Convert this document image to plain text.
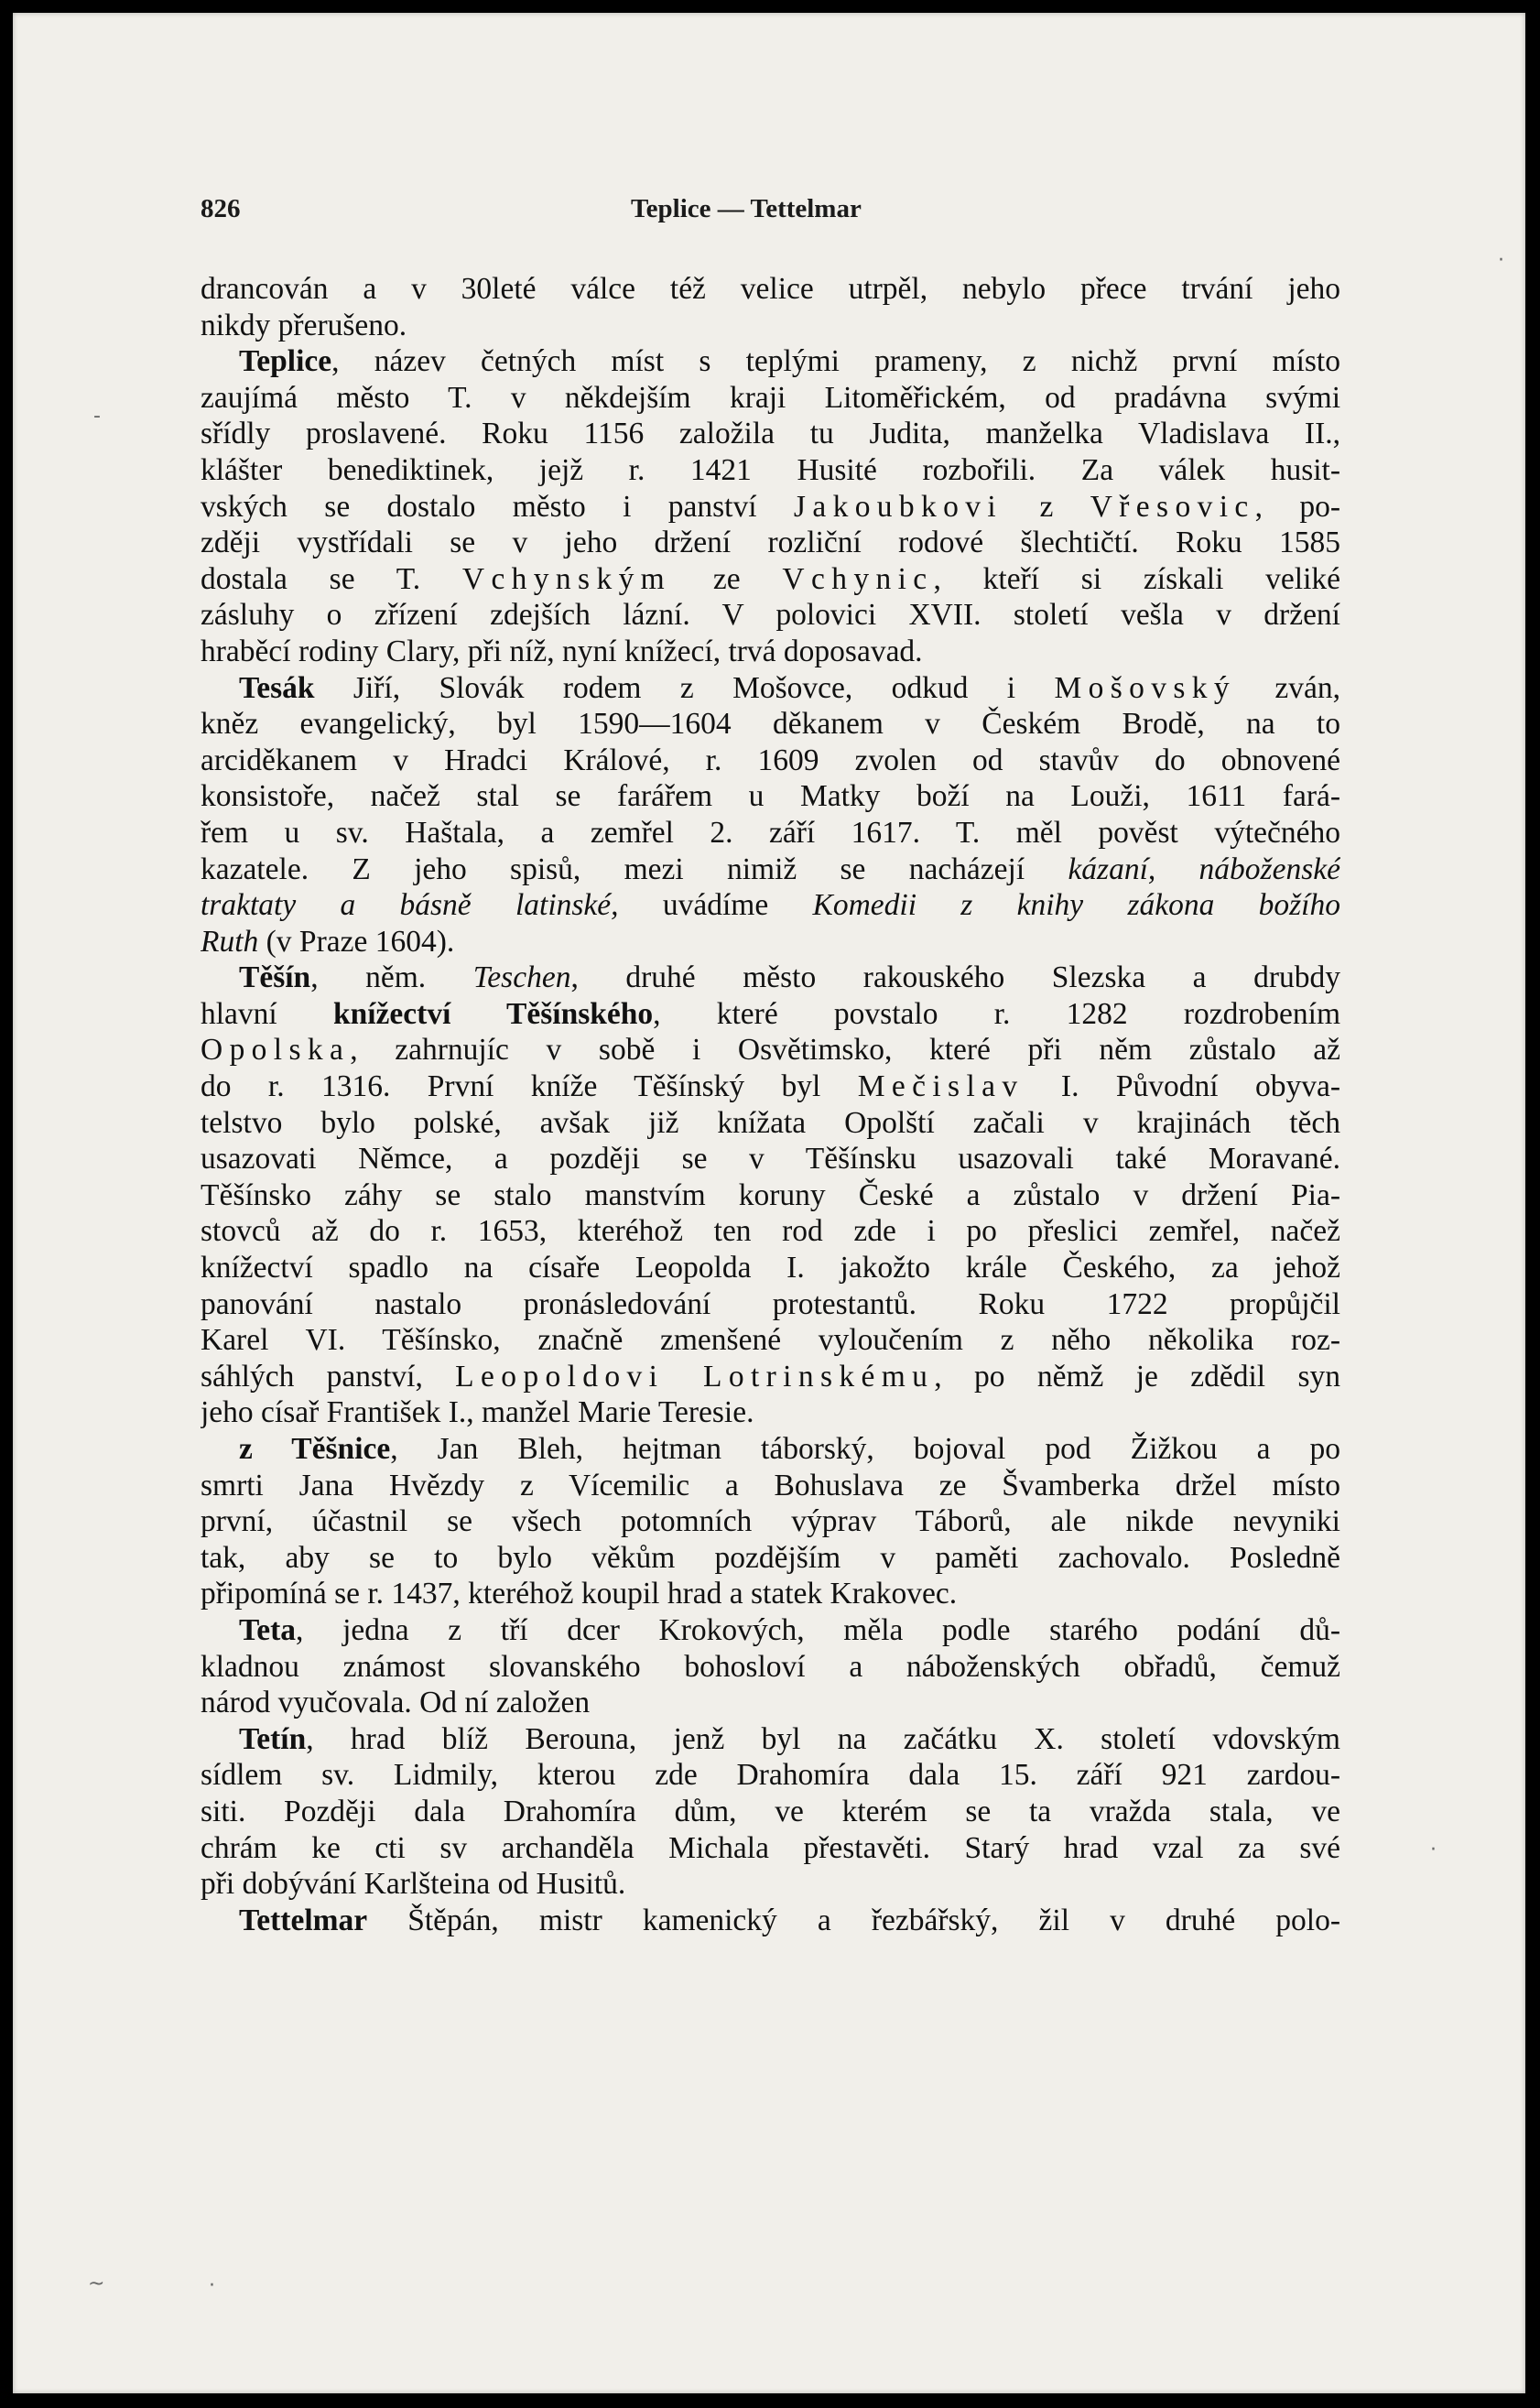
826	Teplice — Tettelmar
drancován a v 30leté válce též velice utrpěl, nebylo přece trvání jeho
nikdy přerušeno.
Teplice, název četných míst s teplými prameny, z nichž první místo
zaujímá město T. v někdejším kraji Litoměřickém, od pradávna svými
sřídly proslavené. Roku 1156 založila tu Judita, manželka Vladislava II.,
klášter benediktinek, jejž r. 1421 Husité rozbořili. Za válek husit-
vských se dostalo město i panství Jakoubkovi z Vřesovic, po-
zději vystřídali se v jeho držení rozliční rodové šlechtičtí. Roku 1585
dostala se T. Vchynským ze Vchynic, kteří si získali veliké
zásluhy o zřízení zdejších lázní. V polovici XVII. století vešla v držení
hraběcí rodiny Clary, při níž, nyní knížecí, trvá doposavad.
Tesák Jiří, Slovák rodem z Mošovce, odkud i Mošovský zván,
kněz evangelický, byl 1590—1604 děkanem v Českém Brodě, na to
arciděkanem v Hradci Králové, r. 1609 zvolen od stavův do obnovené
konsistoře, načež stal se farářem u Matky boží na Louži, 1611 fará-
řem u sv. Haštala, a zemřel 2. září 1617. T. měl pověst výtečného
kazatele. Z jeho spisů, mezi nimiž se nacházejí kázaní, náboženské
traktaty a básně latinské, uvádíme Komedii z knihy zákona božího
Ruth (v Praze 1604).
Těšín, něm. Teschen, druhé město rakouského Slezska a drubdy
hlavní knížectví Těšínského, které povstalo r. 1282 rozdrobením
Opolska, zahrnujíc v sobě i Osvětimsko, které při něm zůstalo až
do r. 1316. První kníže Těšínský byl Mečislav I. Původní obyva-
telstvo bylo polské, avšak již knížata Opolští začali v krajinách těch
usazovati Němce, a později se v Těšínsku usazovali také Moravané.
Těšínsko záhy se stalo manstvím koruny České a zůstalo v držení Pia-
stovců až do r. 1653, kteréhož ten rod zde i po přeslici zemřel, načež
knížectví spadlo na císaře Leopolda I. jakožto krále Českého, za jehož
panování nastalo pronásledování protestantů. Roku 1722 propůjčil
Karel VI. Těšínsko, značně zmenšené vyloučením z něho několika roz-
sáhlých panství, Leopoldovi Lotrinskému, po němž je zdědil syn
jeho císař František I., manžel Marie Teresie.
z Těšnice, Jan Bleh, hejtman táborský, bojoval pod Žižkou a po
smrti Jana Hvězdy z Vícemilic a Bohuslava ze Švamberka držel místo
první, účastnil se všech potomních výprav Táborů, ale nikde nevyniki
tak, aby se to bylo věkům pozdějším v paměti zachovalo. Posledně
připomíná se r. 1437, kteréhož koupil hrad a statek Krakovec.
Teta, jedna z tří dcer Krokových, měla podle starého podání dů-
kladnou známost slovanského bohosloví a náboženských obřadů, čemuž
národ vyučovala. Od ní založen
Tetín, hrad blíž Berouna, jenž byl na začátku X. století vdovským
sídlem sv. Lidmily, kterou zde Drahomíra dala 15. září 921 zardou-
siti. Později dala Drahomíra dům, ve kterém se ta vražda stala, ve
chrám ke cti sv archanděla Michala přestavěti. Starý hrad vzal za své
při dobývání Karlšteina od Husitů.
Tettelmar Štěpán, mistr kamenický a řezbářský, žil v druhé polo-
·
-
·
~	·
